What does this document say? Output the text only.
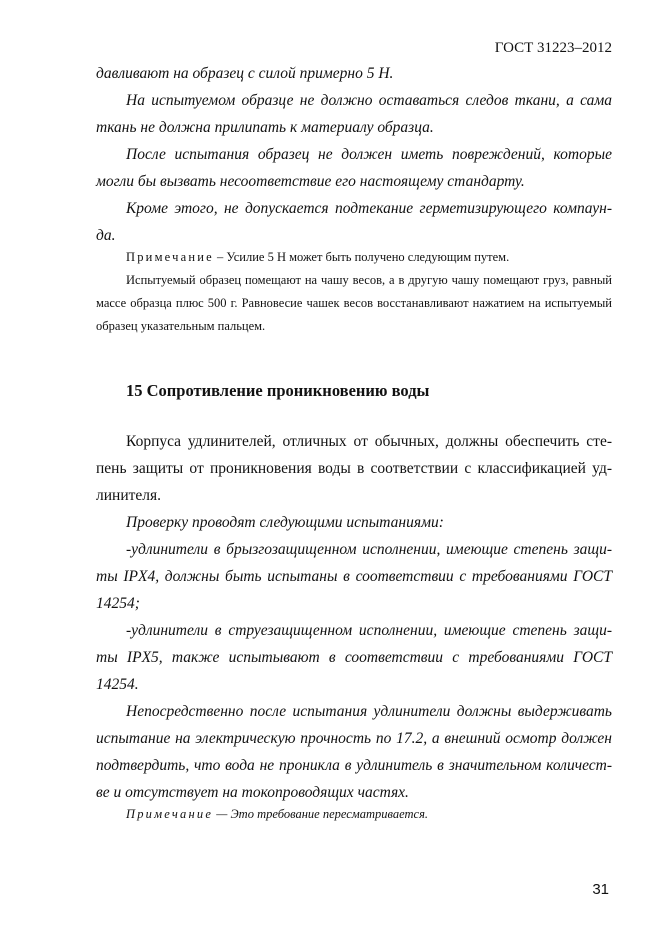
ГОСТ 31223–2012

давливают на образец с силой примерно 5 Н.

На испытуемом образце не должно оставаться следов ткани, а сама ткань не должна прилипать к материалу образца.

После испытания образец не должен иметь повреждений, которые могли бы вызвать несоответствие его настоящему стандарту.

Кроме этого, не допускается подтекание герметизирующего компаун-да.

Примечание – Усилие 5 Н может быть получено следующим путем.

Испытуемый образец помещают на чашу весов, а в другую чашу помещают груз, равный массе образца плюс 500 г. Равновесие чашек весов восстанавливают нажатием на испытуемый образец указательным пальцем.

15 Сопротивление проникновению воды

Корпуса удлинителей, отличных от обычных, должны обеспечить сте-пень защиты от проникновения воды в соответствии с классификацией уд-линителя.

Проверку проводят следующими испытаниями:

-удлинители в брызгозащищенном исполнении, имеющие степень защи-ты IPX4, должны быть испытаны в соответствии с требованиями ГОСТ 14254;

-удлинители в струезащищенном исполнении, имеющие степень защи-ты IPX5, также испытывают в соответствии с требованиями ГОСТ 14254.

Непосредственно после испытания удлинители должны выдерживать испытание на электрическую прочность по 17.2, а внешний осмотр должен подтвердить, что вода не проникла в удлинитель в значительном количест-ве и отсутствует на токопроводящих частях.

Примечание — Это требование пересматривается.

31
